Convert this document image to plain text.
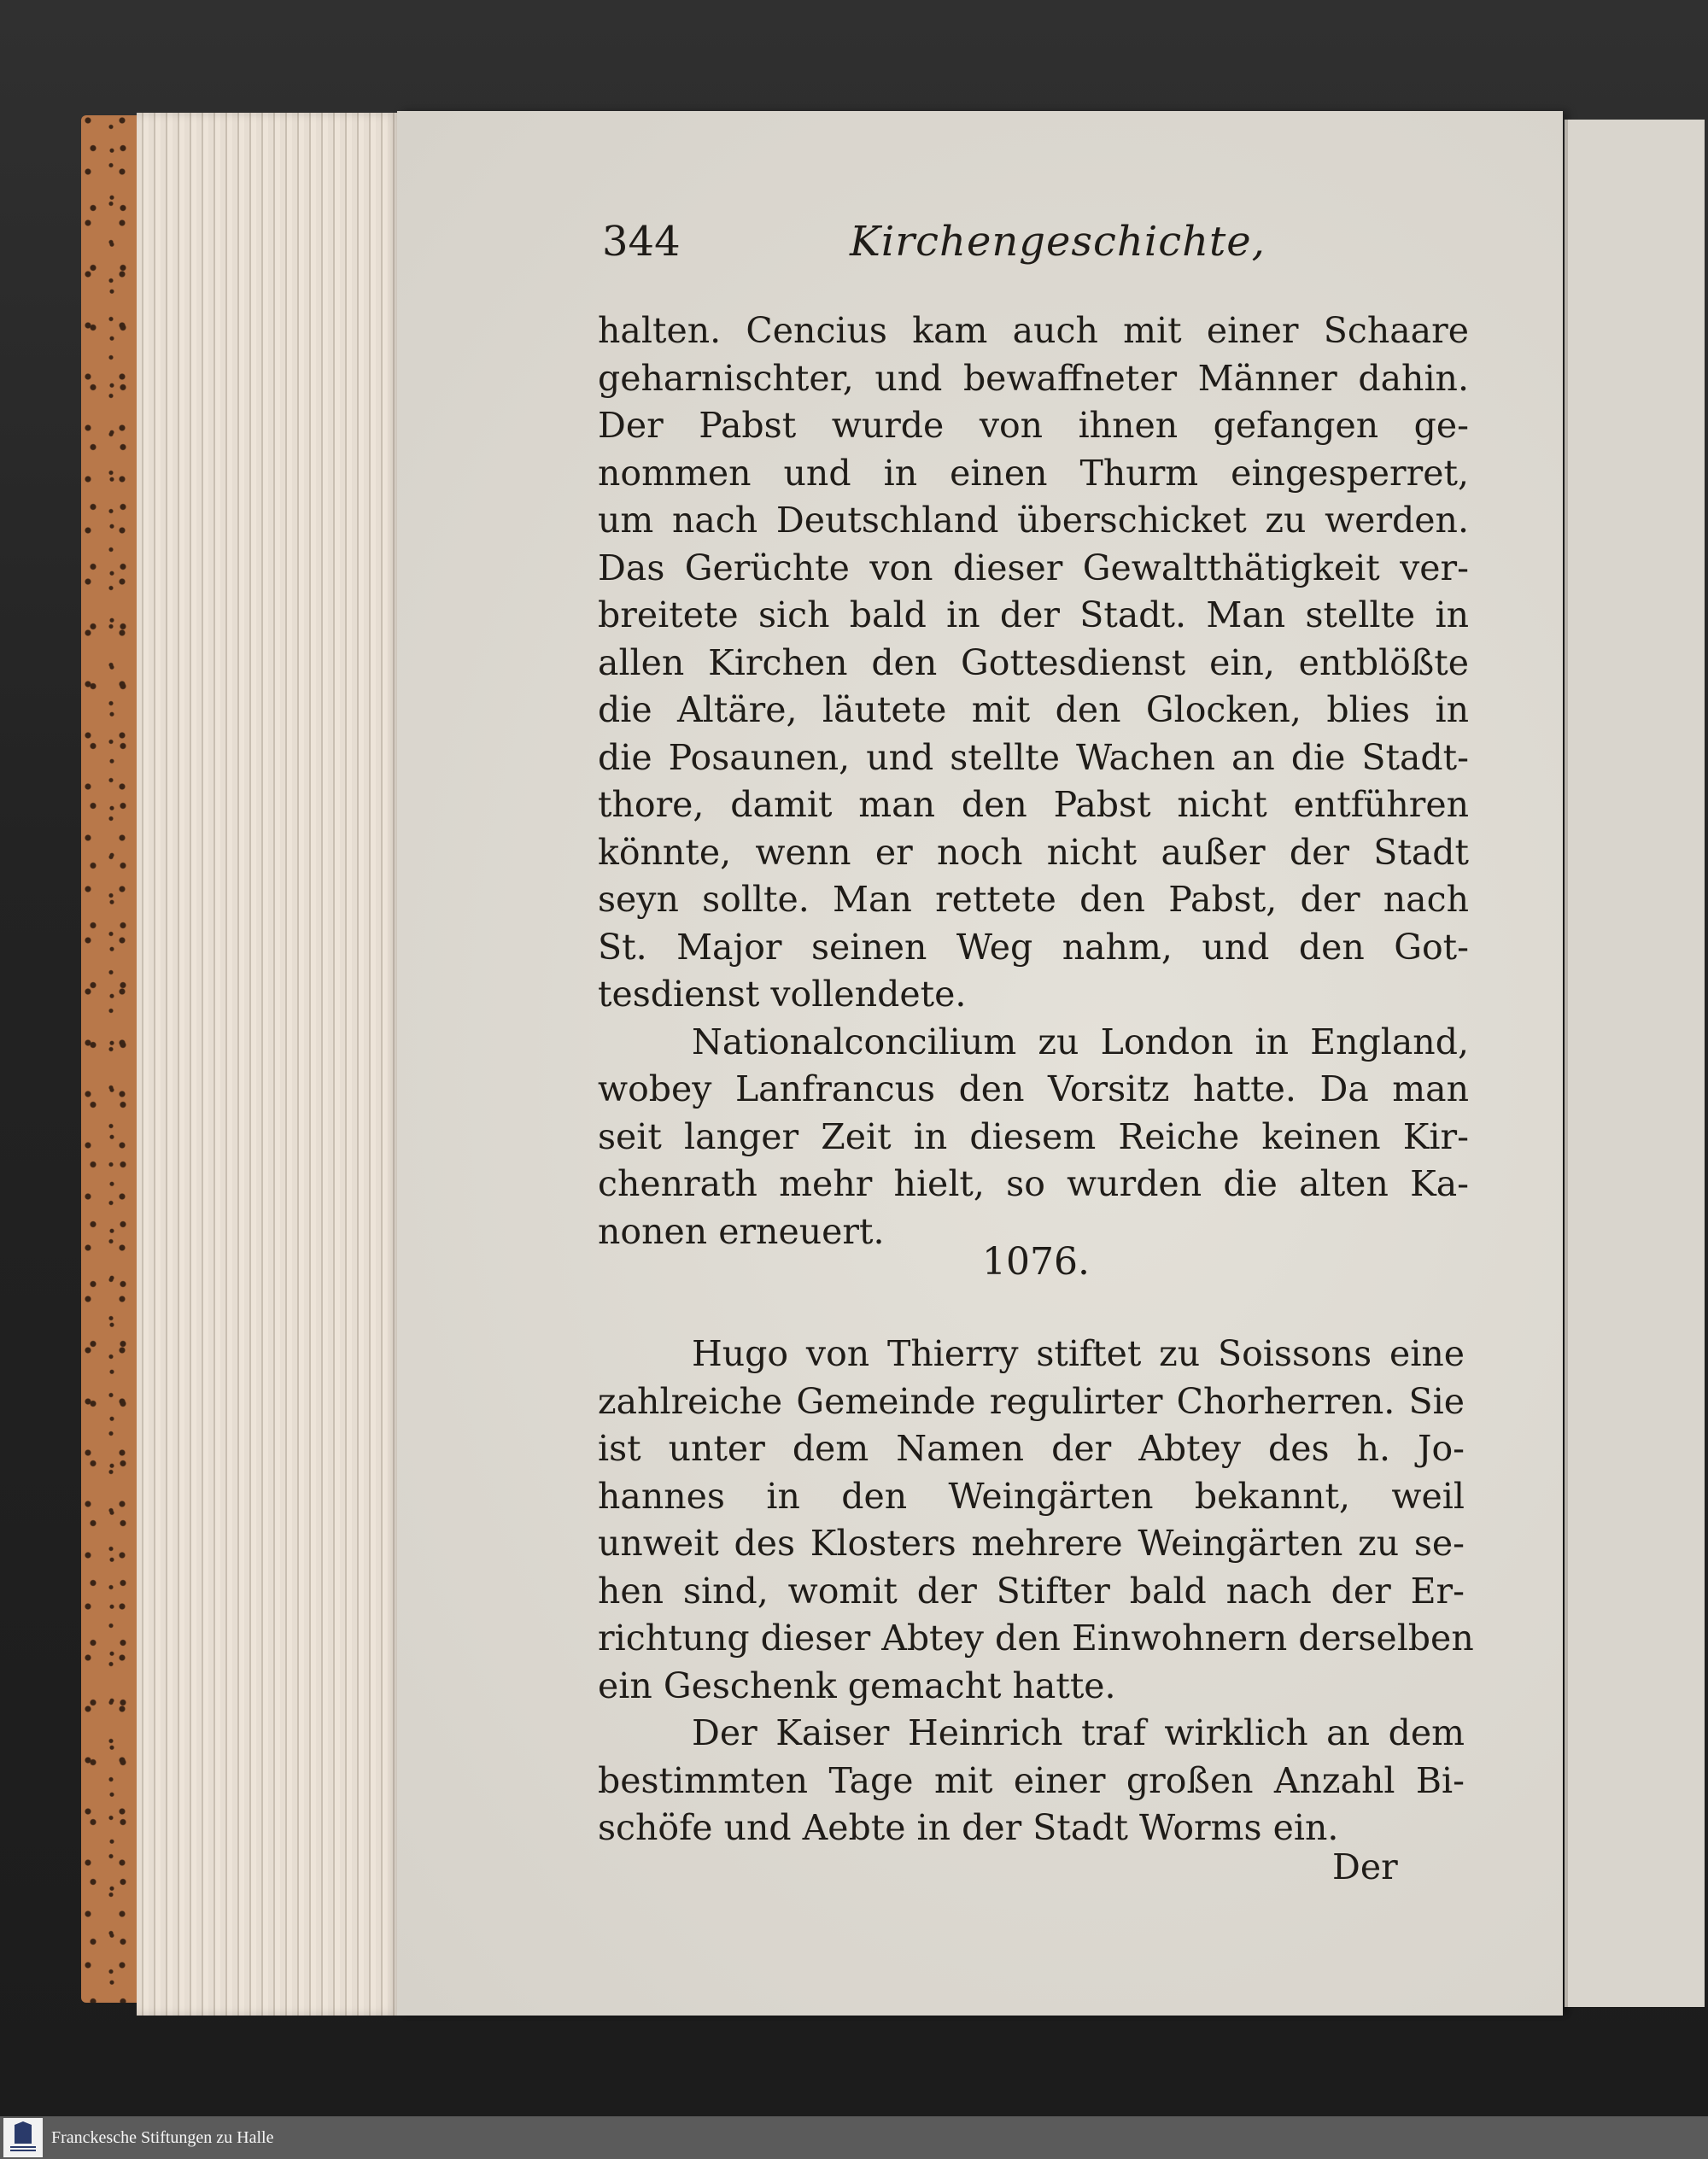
344	Kirchengeschichte,
halten. Cencius kam auch mit einer Schaare
geharnischter, und bewaffneter Männer dahin.
Der Pabst wurde von ihnen gefangen ge-
nommen und in einen Thurm eingesperret,
um nach Deutschland überschicket zu werden.
Das Gerüchte von dieser Gewaltthätigkeit ver-
breitete sich bald in der Stadt. Man stellte in
allen Kirchen den Gottesdienst ein, entblößte
die Altäre, läutete mit den Glocken, blies in
die Posaunen, und stellte Wachen an die Stadt-
thore, damit man den Pabst nicht entführen
könnte, wenn er noch nicht außer der Stadt
seyn sollte. Man rettete den Pabst, der nach
St. Major seinen Weg nahm, und den Got-
tesdienst vollendete.
Nationalconcilium zu London in England,
wobey Lanfrancus den Vorsitz hatte. Da man
seit langer Zeit in diesem Reiche keinen Kir-
chenrath mehr hielt, so wurden die alten Ka-
nonen erneuert.
1076.
Hugo von Thierry stiftet zu Soissons eine
zahlreiche Gemeinde regulirter Chorherren. Sie
ist unter dem Namen der Abtey des h. Jo-
hannes in den Weingärten bekannt, weil
unweit des Klosters mehrere Weingärten zu se-
hen sind, womit der Stifter bald nach der Er-
richtung dieser Abtey den Einwohnern derselben
ein Geschenk gemacht hatte.
Der Kaiser Heinrich traf wirklich an dem
bestimmten Tage mit einer großen Anzahl Bi-
schöfe und Aebte in der Stadt Worms ein.
Der
Franckesche Stiftungen zu Halle
